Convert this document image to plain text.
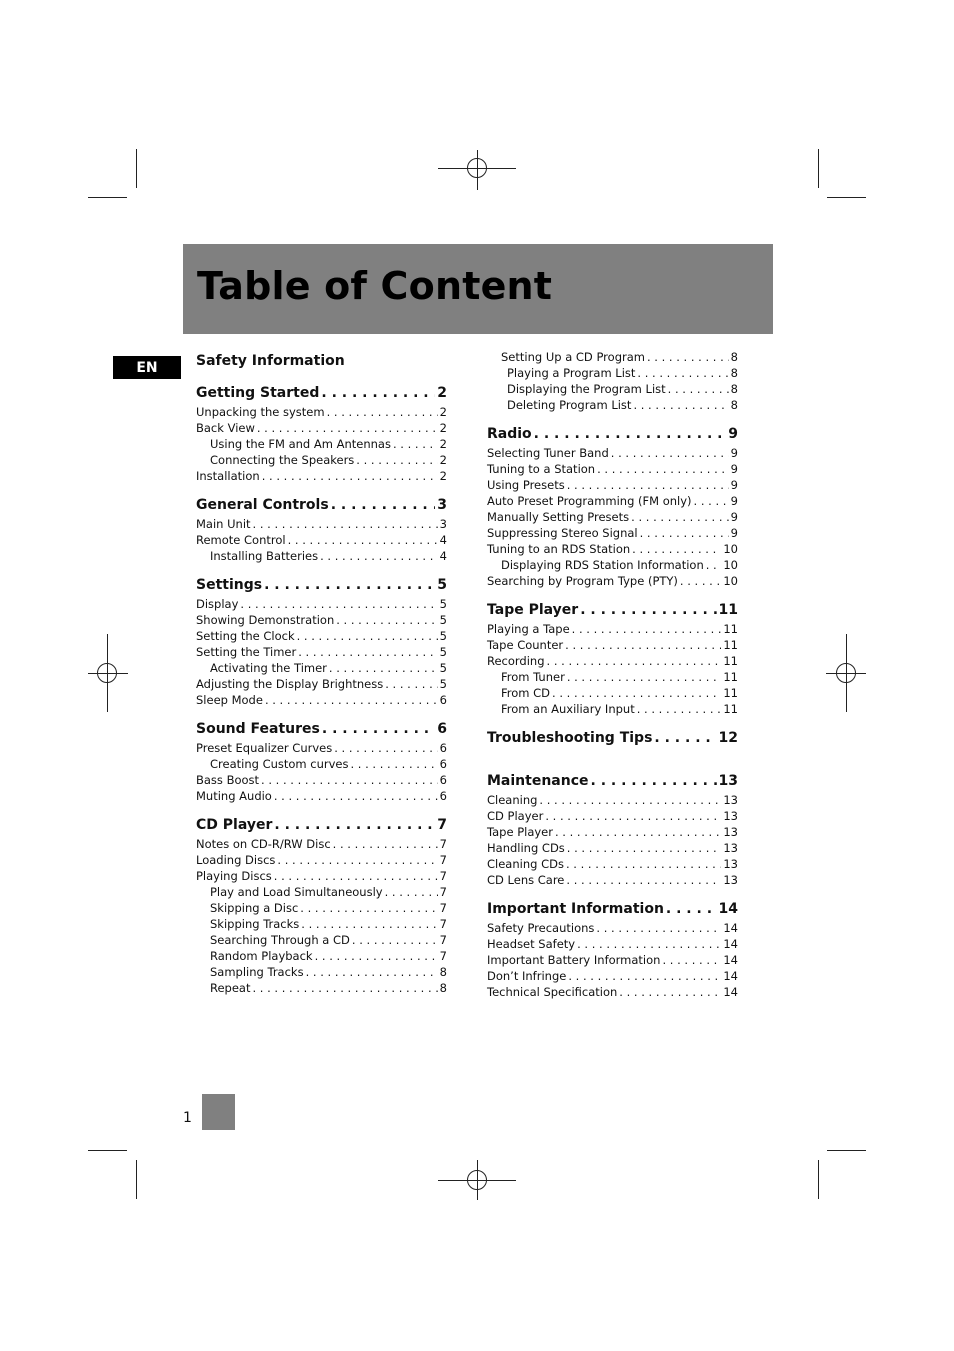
Table of Content
EN	Safety Information
Getting Started . . .	2
Unpacking the system . . .	2
Back View . . .	2
Using the FM and Am Antennas . . .	2
Connecting the Speakers . . .	2
Installation . . .	2
General Controls . . .	3
Main Unit . . .	3
Remote Control . . .	4
Installing Batteries . . .	4
Settings . . .	5
Display . . .	5
Showing Demonstration . . .	5
Setting the Clock . . .	5
Setting the Timer . . .	5
Activating the Timer . . .	5
Adjusting the Display Brightness . . .	5
Sleep Mode . . .	6
Sound Features . . .	6
Preset Equalizer Curves . . .	6
Creating Custom curves . . .	6
Bass Boost . . .	6
Muting Audio . . .	6
CD Player . . .	7
Notes on CD-R/RW Disc . . .	7
Loading Discs . . .	7
Playing Discs . . .	7
Play and Load Simultaneously . . .	7
Skipping a Disc . . .	7
Skipping Tracks . . .	7
Searching Through a CD . . .	7
Random Playback . . .	7
Sampling Tracks . . .	8
Repeat . . .	8
Setting Up a CD Program . . .	8
Playing a Program List . . .	8
Displaying the Program List . . .	8
Deleting Program List . . .	8
Radio . . .	9
Selecting Tuner Band . . .	9
Tuning to a Station . . .	9
Using Presets . . .	9
Auto Preset Programming (FM only) . . .	9
Manually Setting Presets . . .	9
Suppressing Stereo Signal . . .	9
Tuning to an RDS Station . . .	10
Displaying RDS Station Information . . . 10
Searching by Program Type (PTY) . . .	10
Tape Player . . .	11
Playing a Tape . . .	11
Tape Counter . . .	11
Recording . . .	11
From Tuner . . .	11
From CD . . .	11
From an Auxiliary Input . . .	11
Troubleshooting Tips . . .	12
Maintenance . . .	13
Cleaning . . .	13
CD Player . . .	13
Tape Player . . .	13
Handling CDs . . .	13
Cleaning CDs . . .	13
CD Lens Care . . .	13
Important Information . . .	14
Safety Precautions . . .	14
Headset Safety . . .	14
Important Battery Information . . .	14
Don’t Infringe . . .	14
Technical Specification . . .	14
1
